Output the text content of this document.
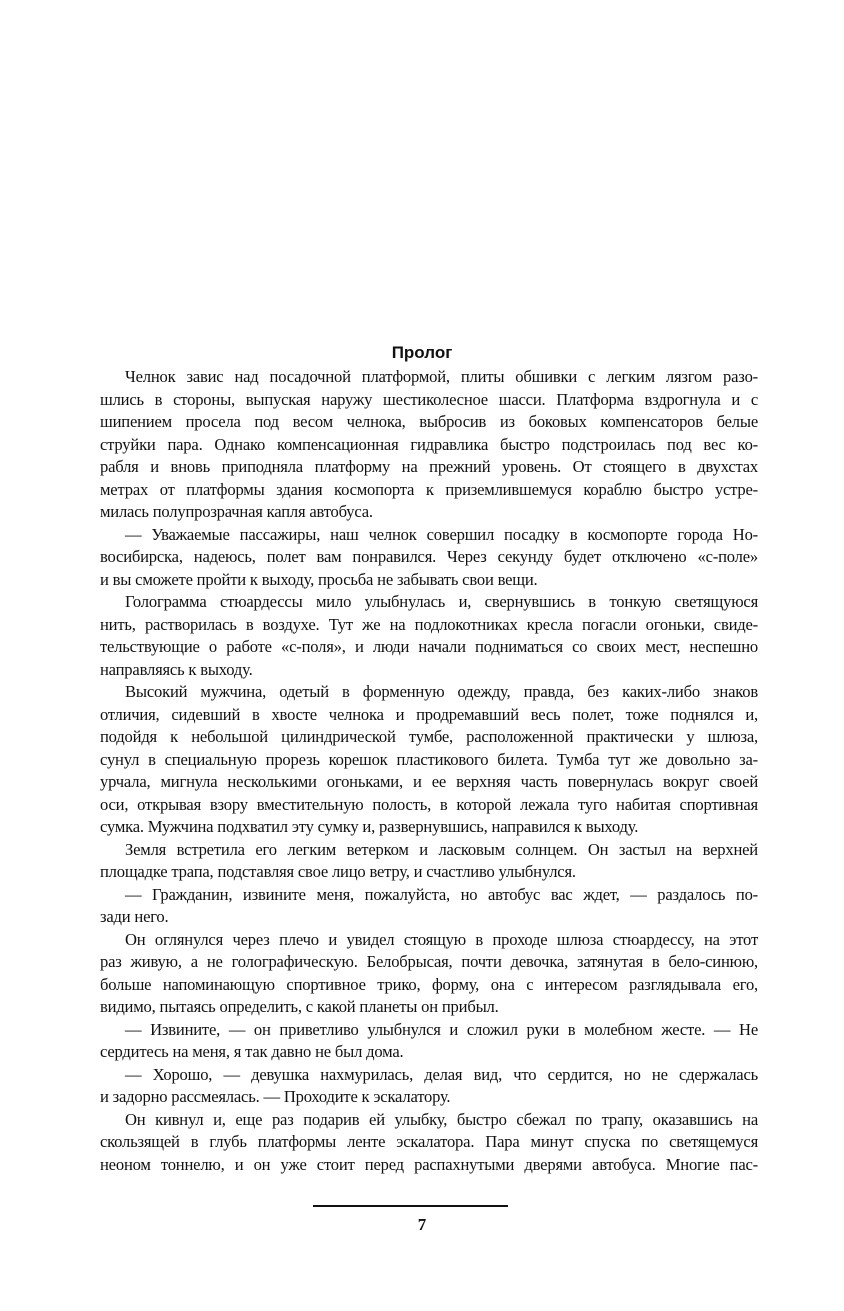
Пролог
Челнок завис над посадочной платформой, плиты обшивки с легким лязгом разо-
шлись в стороны, выпуская наружу шестиколесное шасси. Платформа вздрогнула и с
шипением просела под весом челнока, выбросив из боковых компенсаторов белые
струйки пара. Однако компенсационная гидравлика быстро подстроилась под вес ко-
рабля и вновь приподняла платформу на прежний уровень. От стоящего в двухстах
метрах от платформы здания космопорта к приземлившемуся кораблю быстро устре-
милась полупрозрачная капля автобуса.
— Уважаемые пассажиры, наш челнок совершил посадку в космопорте города Но-
восибирска, надеюсь, полет вам понравился. Через секунду будет отключено «с-поле»
и вы сможете пройти к выходу, просьба не забывать свои вещи.
Голограмма стюардессы мило улыбнулась и, свернувшись в тонкую светящуюся
нить, растворилась в воздухе. Тут же на подлокотниках кресла погасли огоньки, свиде-
тельствующие о работе «с-поля», и люди начали подниматься со своих мест, неспешно
направляясь к выходу.
Высокий мужчина, одетый в форменную одежду, правда, без каких-либо знаков
отличия, сидевший в хвосте челнока и продремавший весь полет, тоже поднялся и,
подойдя к небольшой цилиндрической тумбе, расположенной практически у шлюза,
сунул в специальную прорезь корешок пластикового билета. Тумба тут же довольно за-
урчала, мигнула несколькими огоньками, и ее верхняя часть повернулась вокруг своей
оси, открывая взору вместительную полость, в которой лежала туго набитая спортивная
сумка. Мужчина подхватил эту сумку и, развернувшись, направился к выходу.
Земля встретила его легким ветерком и ласковым солнцем. Он застыл на верхней
площадке трапа, подставляя свое лицо ветру, и счастливо улыбнулся.
— Гражданин, извините меня, пожалуйста, но автобус вас ждет, — раздалось по-
зади него.
Он оглянулся через плечо и увидел стоящую в проходе шлюза стюардессу, на этот
раз живую, а не голографическую. Белобрысая, почти девочка, затянутая в бело-синюю,
больше напоминающую спортивное трико, форму, она с интересом разглядывала его,
видимо, пытаясь определить, с какой планеты он прибыл.
— Извините, — он приветливо улыбнулся и сложил руки в молебном жесте. — Не
сердитесь на меня, я так давно не был дома.
— Хорошо, — девушка нахмурилась, делая вид, что сердится, но не сдержалась
и задорно рассмеялась. — Проходите к эскалатору.
Он кивнул и, еще раз подарив ей улыбку, быстро сбежал по трапу, оказавшись на
скользящей в глубь платформы ленте эскалатора. Пара минут спуска по светящемуся
неоном тоннелю, и он уже стоит перед распахнутыми дверями автобуса. Многие пас-
7
